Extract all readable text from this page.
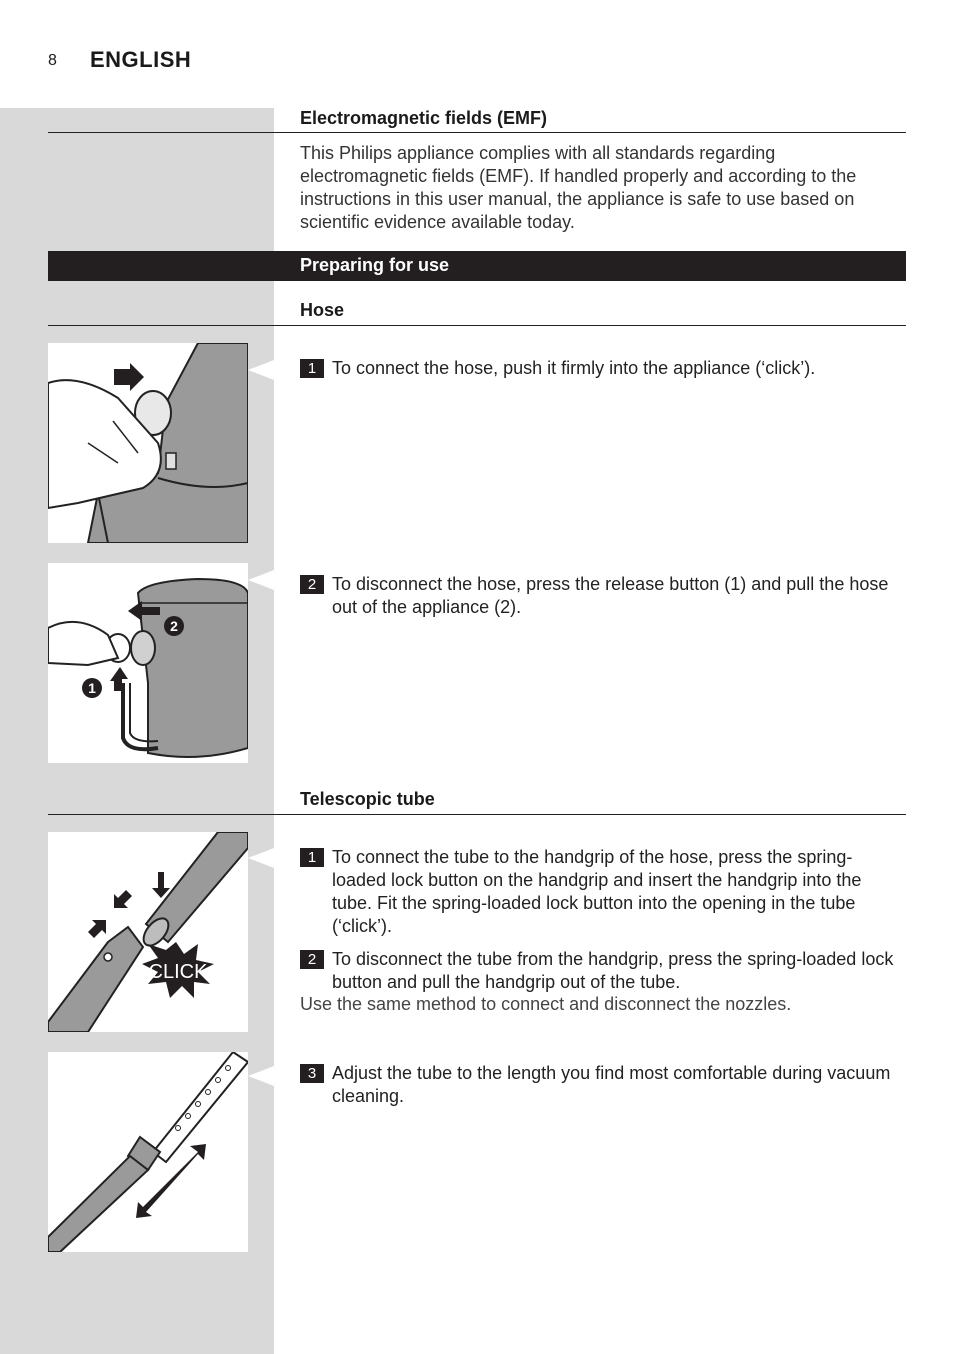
8 ENGLISH
Electromagnetic fields (EMF)
This Philips appliance complies with all standards regarding electromagnetic fields (EMF). If handled properly and according to the instructions in this user manual, the appliance is safe to use based on scientific evidence available today.
Preparing for use
Hose
1 To connect the hose, push it firmly into the appliance (‘click’).
2
1
2 To disconnect the hose, press the release button (1) and pull the hose out of the appliance (2).
Telescopic tube
CLICK
1 To connect the tube to the handgrip of the hose, press the spring-loaded lock button on the handgrip and insert the handgrip into the tube. Fit the spring-loaded lock button into the opening in the tube (‘click’).
2 To disconnect the tube from the handgrip, press the spring-loaded lock button and pull the handgrip out of the tube.
Use the same method to connect and disconnect the nozzles.
3 Adjust the tube to the length you find most comfortable during vacuum cleaning.
